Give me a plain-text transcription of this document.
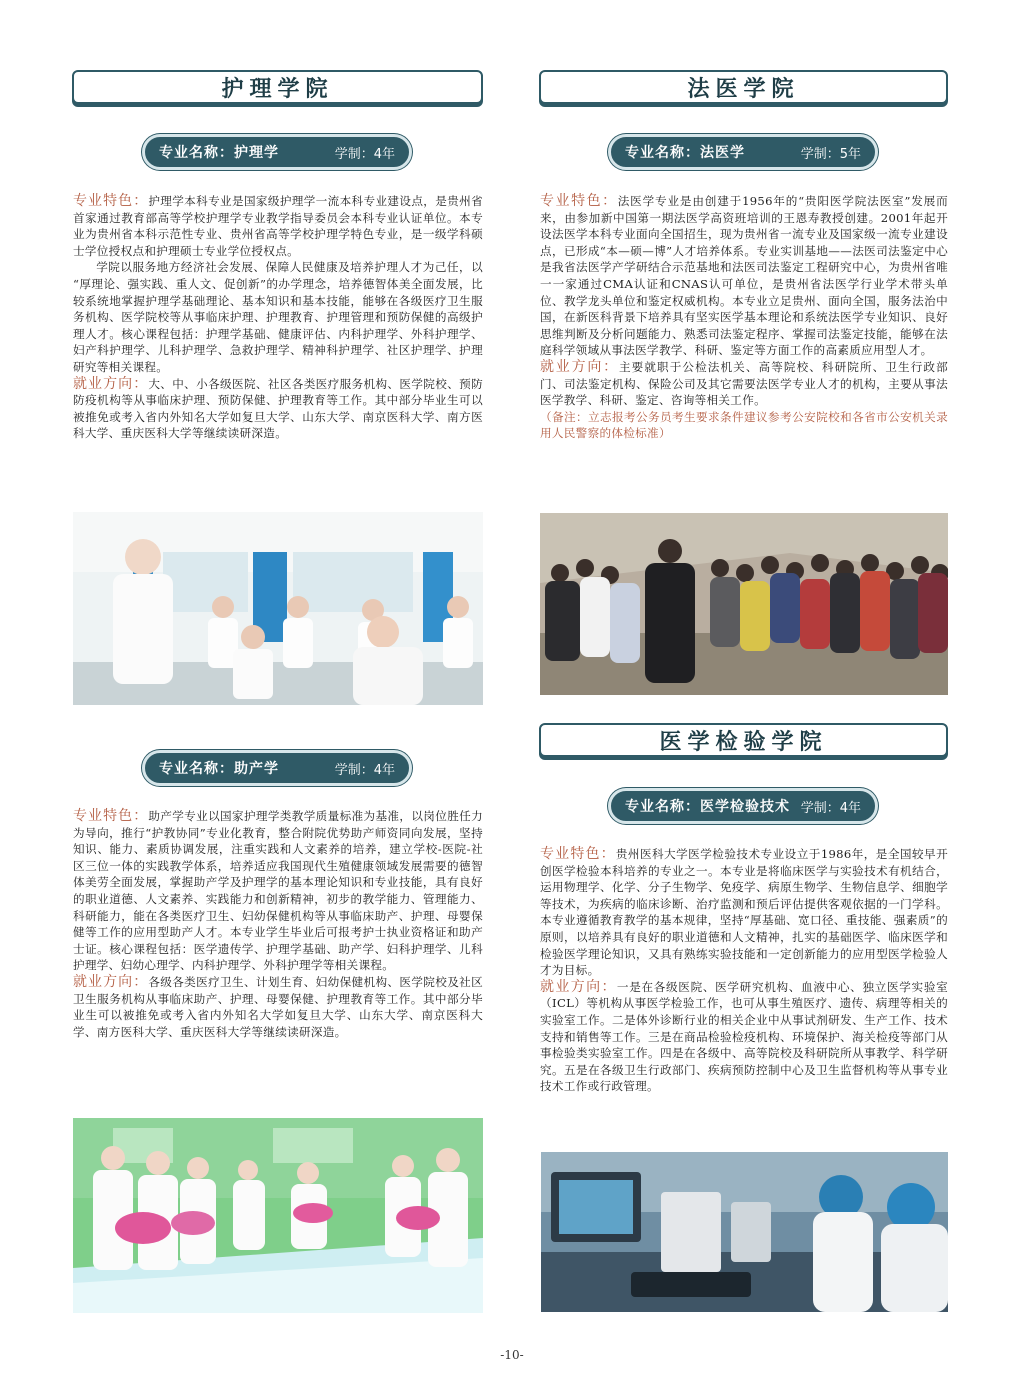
护理学院
专业名称：护理学	学制：4年

专业特色：护理学本科专业是国家级护理学一流本科专业建设点，是贵州省首家通过教育部高等学校护理学专业教学指导委员会本科专业认证单位。本专业为贵州省本科示范性专业、贵州省高等学校护理学特色专业，是一级学科硕士学位授权点和护理硕士专业学位授权点。

学院以服务地方经济社会发展、保障人民健康及培养护理人才为己任，以 “厚理论、强实践、重人文、促创新”的办学理念，培养德智体美全面发展，比较系统地掌握护理学基础理论、基本知识和基本技能，能够在各级医疗卫生服务机构、医学院校等从事临床护理、护理教育、护理管理和预防保健的高级护理人才。核心课程包括：护理学基础、健康评估、内科护理学、外科护理学、妇产科护理学、儿科护理学、急救护理学、精神科护理学、社区护理学、护理研究等相关课程。

就业方向：大、中、小各级医院、社区各类医疗服务机构、医学院校、预防防疫机构等从事临床护理、预防保健、护理教育等工作。其中部分毕业生可以被推免或考入省内外知名大学如复旦大学、山东大学、南京医科大学、南方医科大学、重庆医科大学等继续读研深造。

专业名称：助产学	学制：4年

专业特色：助产学专业以国家护理学类教学质量标准为基准，以岗位胜任力为导向，推行“护教协同”专业化教育，整合附院优势助产师资同向发展，坚持知识、能力、素质协调发展，注重实践和人文素养的培养，建立学校-医院-社区三位一体的实践教学体系，培养适应我国现代生殖健康领域发展需要的德智体美劳全面发展，掌握助产学及护理学的基本理论知识和专业技能，具有良好的职业道德、人文素养、实践能力和创新精神，初步的教学能力、管理能力、科研能力，能在各类医疗卫生、妇幼保健机构等从事临床助产、护理、母婴保健等工作的应用型助产人才。本专业学生毕业后可报考护士执业资格证和助产士证。核心课程包括：医学遗传学、护理学基础、助产学、妇科护理学、儿科护理学、妇幼心理学、内科护理学、外科护理学等相关课程。

就业方向：各级各类医疗卫生、计划生育、妇幼保健机构、医学院校及社区卫生服务机构从事临床助产、护理、母婴保健、护理教育等工作。其中部分毕业生可以被推免或考入省内外知名大学如复旦大学、山东大学、南京医科大学、南方医科大学、重庆医科大学等继续读研深造。

法医学院
专业名称：法医学	学制：5年

专业特色：法医学专业是由创建于1956年的“贵阳医学院法医室”发展而来，由参加新中国第一期法医学高资班培训的王恩寿教授创建。2001年起开设法医学本科专业面向全国招生，现为贵州省一流专业及国家级一流专业建设点，已形成“本—硕—博”人才培养体系。专业实训基地——法医司法鉴定中心是我省法医学产学研结合示范基地和法医司法鉴定工程研究中心，为贵州省唯一一家通过CMA认证和CNAS认可单位，是贵州省法医学行业学术带头单位、教学龙头单位和鉴定权威机构。本专业立足贵州、面向全国，服务法治中国，在新医科背景下培养具有坚实医学基本理论和系统法医学专业知识、良好思维判断及分析问题能力、熟悉司法鉴定程序、掌握司法鉴定技能，能够在法庭科学领域从事法医学教学、科研、鉴定等方面工作的高素质应用型人才。

就业方向：主要就职于公检法机关、高等院校、科研院所、卫生行政部门、司法鉴定机构、保险公司及其它需要法医学专业人才的机构，主要从事法医学教学、科研、鉴定、咨询等相关工作。

（备注：立志报考公务员考生要求条件建议参考公安院校和各省市公安机关录用人民警察的体检标准）

医学检验学院
专业名称：医学检验技术 学制：4年

专业特色：贵州医科大学医学检验技术专业设立于1986年，是全国较早开创医学检验本科培养的专业之一。本专业是将临床医学与实验技术有机结合，运用物理学、化学、分子生物学、免疫学、病原生物学、生物信息学、细胞学等技术，为疾病的临床诊断、治疗监测和预后评估提供客观依据的一门学科。本专业遵循教育教学的基本规律，坚持“厚基础、宽口径、重技能、强素质”的原则，以培养具有良好的职业道德和人文精神，扎实的基础医学、临床医学和检验医学理论知识，又具有熟练实验技能和一定创新能力的应用型医学检验人才为目标。

就业方向：一是在各级医院、医学研究机构、血液中心、独立医学实验室（ICL）等机构从事医学检验工作，也可从事生殖医疗、遗传、病理等相关的实验室工作。二是体外诊断行业的相关企业中从事试剂研发、生产工作、技术支持和销售等工作。三是在商品检验检疫机构、环境保护、海关检疫等部门从事检验类实验室工作。四是在各级中、高等院校及科研院所从事教学、科学研究。五是在各级卫生行政部门、疾病预防控制中心及卫生监督机构等从事专业技术工作或行政管理。

-10-
